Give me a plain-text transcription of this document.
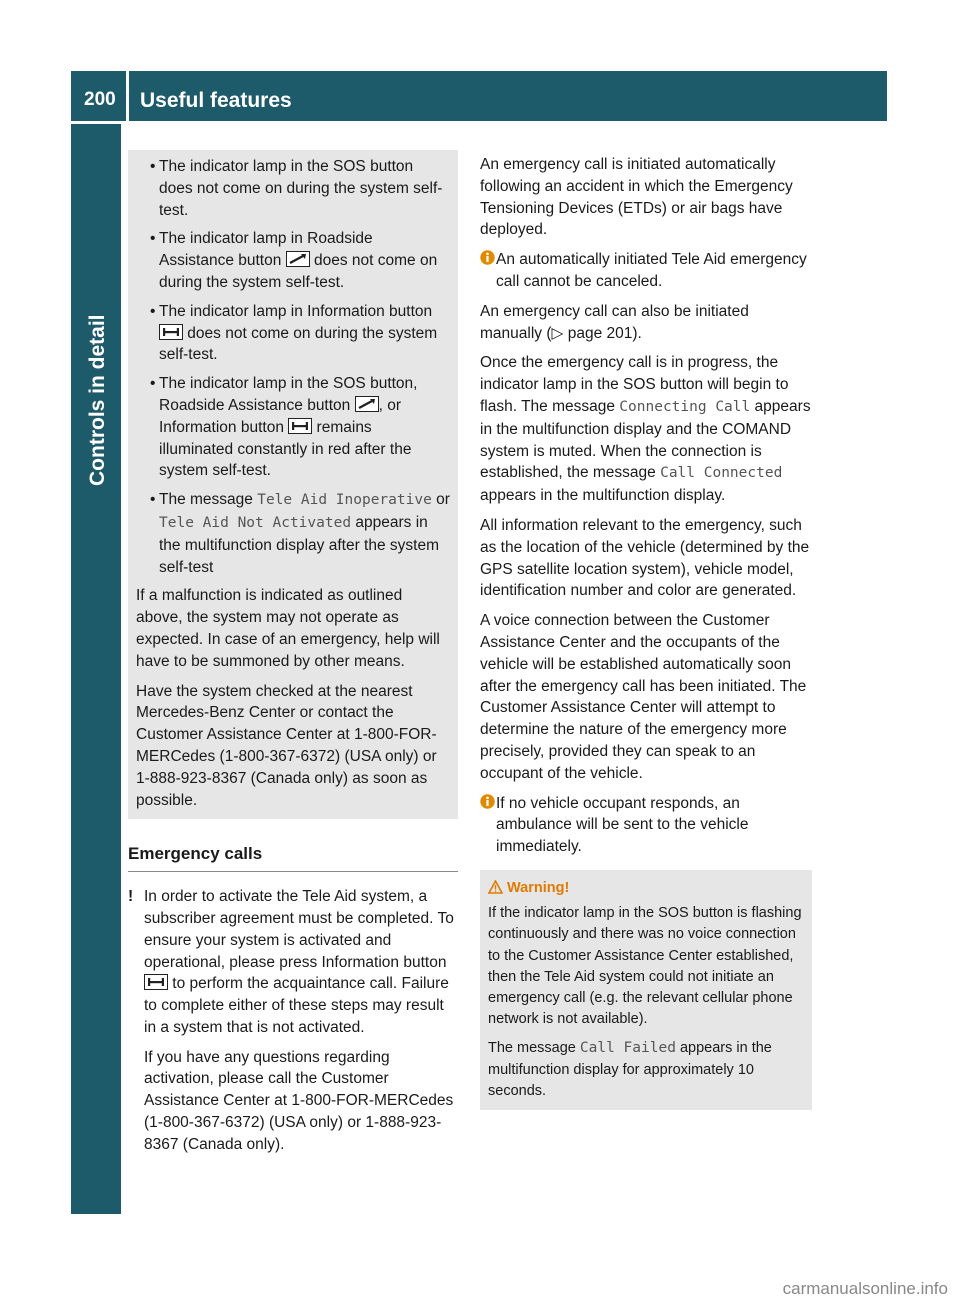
200 Useful features
Controls in detail
• The indicator lamp in the SOS button does not come on during the system self-test.
• The indicator lamp in Roadside Assistance button  does not come on during the system self-test.
• The indicator lamp in Information button  does not come on during the system self-test.
• The indicator lamp in the SOS button, Roadside Assistance button , or Information button  remains illuminated constantly in red after the system self-test.
• The message Tele Aid Inoperative or Tele Aid Not Activated appears in the multifunction display after the system self-test

If a malfunction is indicated as outlined above, the system may not operate as expected. In case of an emergency, help will have to be summoned by other means.

Have the system checked at the nearest Mercedes-Benz Center or contact the Customer Assistance Center at 1-800-FOR-MERCedes (1-800-367-6372) (USA only) or 1-888-923-8367 (Canada only) as soon as possible.

Emergency calls
! In order to activate the Tele Aid system, a subscriber agreement must be completed. To ensure your system is activated and operational, please press Information button  to perform the acquaintance call. Failure to complete either of these steps may result in a system that is not activated.

If you have any questions regarding activation, please call the Customer Assistance Center at 1-800-FOR-MERCedes (1-800-367-6372) (USA only) or 1-888-923-8367 (Canada only).

An emergency call is initiated automatically following an accident in which the Emergency Tensioning Devices (ETDs) or air bags have deployed.

An automatically initiated Tele Aid emergency call cannot be canceled.

An emergency call can also be initiated manually (▷ page 201).

Once the emergency call is in progress, the indicator lamp in the SOS button will begin to flash. The message Connecting Call appears in the multifunction display and the COMAND system is muted. When the connection is established, the message Call Connected appears in the multifunction display.

All information relevant to the emergency, such as the location of the vehicle (determined by the GPS satellite location system), vehicle model, identification number and color are generated.

A voice connection between the Customer Assistance Center and the occupants of the vehicle will be established automatically soon after the emergency call has been initiated. The Customer Assistance Center will attempt to determine the nature of the emergency more precisely, provided they can speak to an occupant of the vehicle.

If no vehicle occupant responds, an ambulance will be sent to the vehicle immediately.
Warning!

If the indicator lamp in the SOS button is flashing continuously and there was no voice connection to the Customer Assistance Center established, then the Tele Aid system could not initiate an emergency call (e.g. the relevant cellular phone network is not available).

The message Call Failed appears in the multifunction display for approximately 10 seconds.

carmanualsonline.info
